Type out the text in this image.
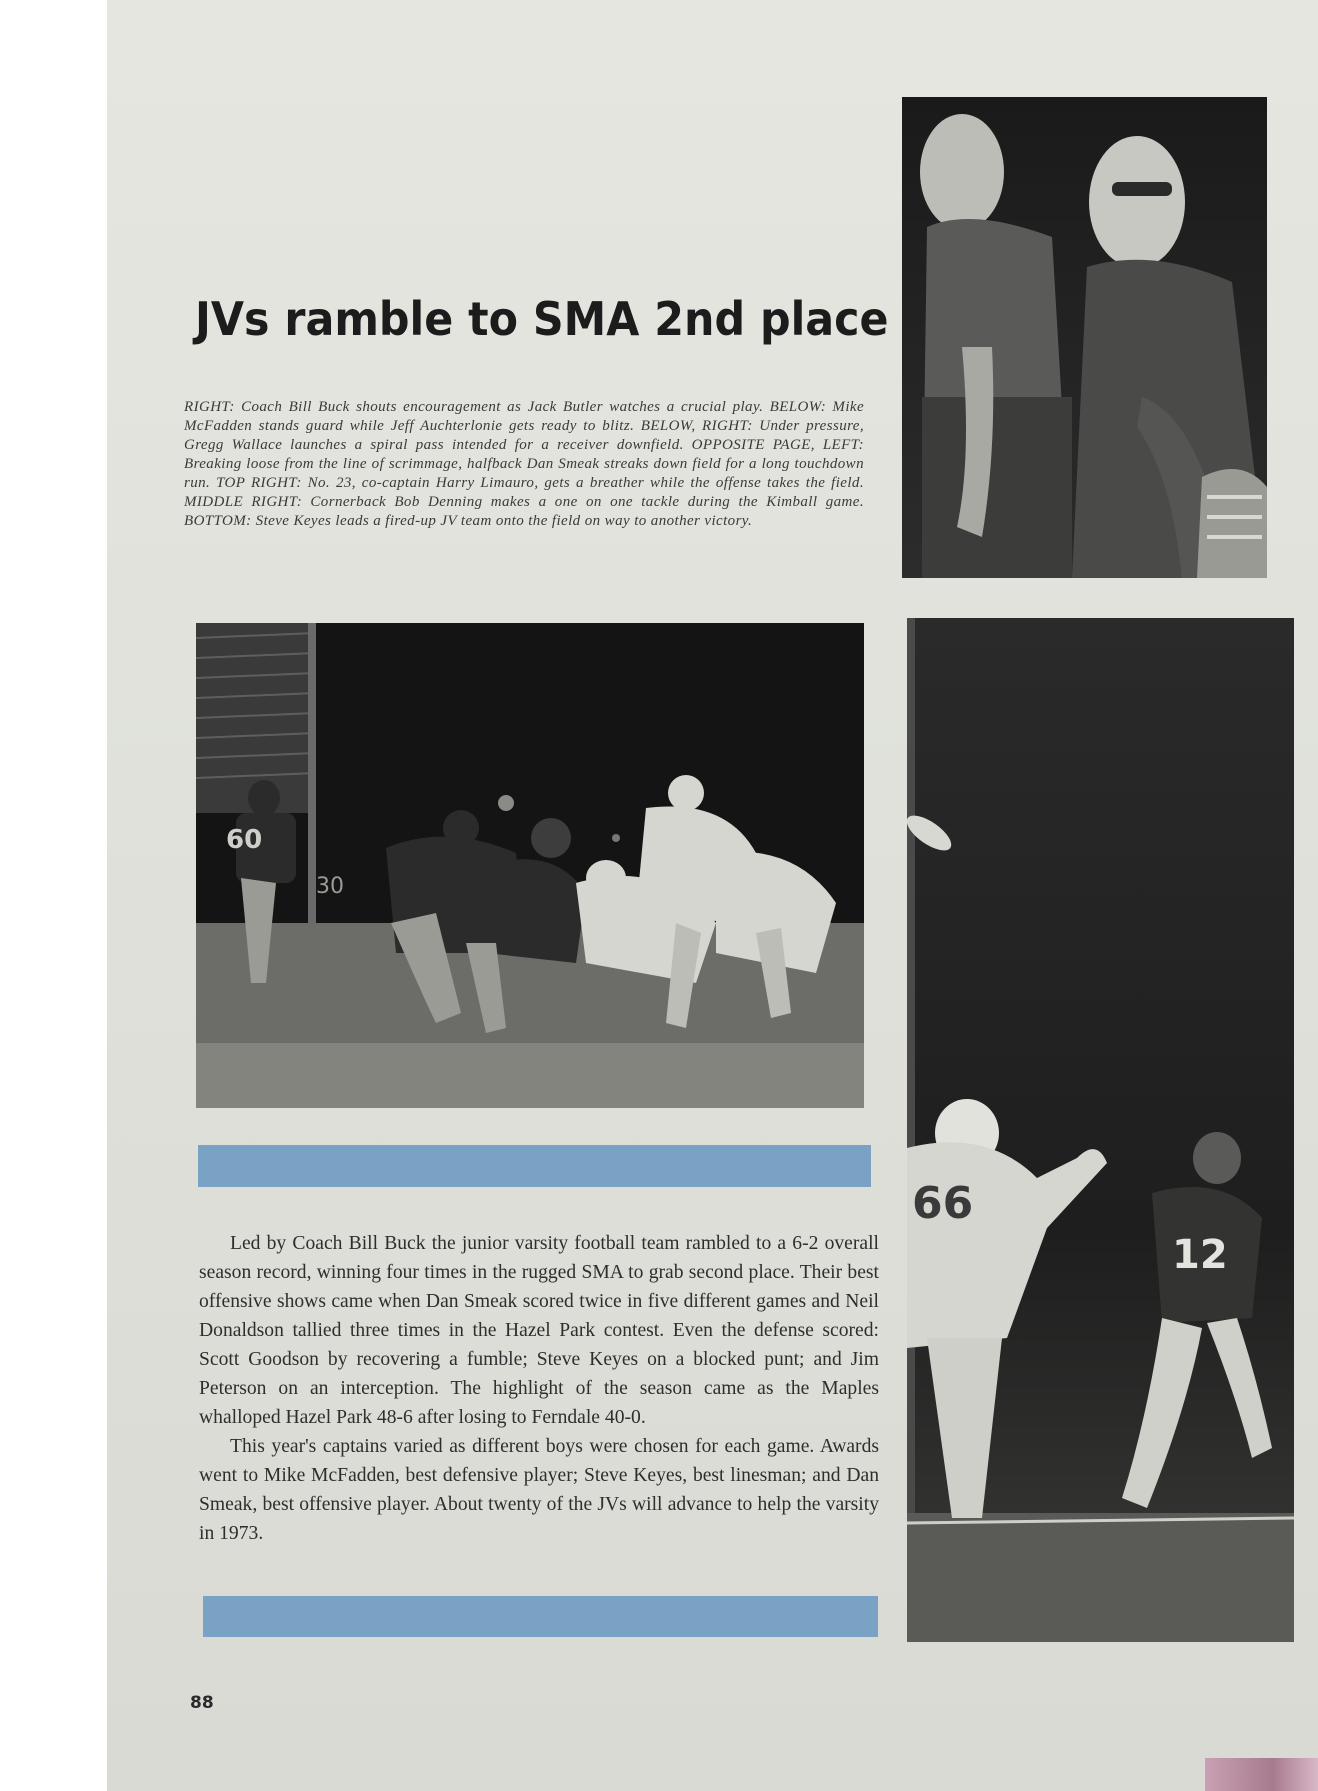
JVs ramble to SMA 2nd place

RIGHT: Coach Bill Buck shouts encouragement as Jack Butler watches a crucial play. BELOW: Mike McFadden stands guard while Jeff Auchterlonie gets ready to blitz. BELOW, RIGHT: Under pressure, Gregg Wallace launches a spiral pass intended for a receiver downfield. OPPOSITE PAGE, LEFT: Breaking loose from the line of scrimmage, halfback Dan Smeak streaks down field for a long touchdown run. TOP RIGHT: No. 23, co-captain Harry Limauro, gets a breather while the offense takes the field. MIDDLE RIGHT: Cornerback Bob Denning makes a one on one tackle during the Kimball game. BOTTOM: Steve Keyes leads a fired-up JV team onto the field on way to another victory.

30
60
66
12

Led by Coach Bill Buck the junior varsity football team rambled to a 6-2 overall season record, winning four times in the rugged SMA to grab second place. Their best offensive shows came when Dan Smeak scored twice in five different games and Neil Donaldson tallied three times in the Hazel Park contest. Even the defense scored: Scott Goodson by recovering a fumble; Steve Keyes on a blocked punt; and Jim Peterson on an interception. The highlight of the season came as the Maples whalloped Hazel Park 48-6 after losing to Ferndale 40-0.

This year's captains varied as different boys were chosen for each game. Awards went to Mike McFadden, best defensive player; Steve Keyes, best linesman; and Dan Smeak, best offensive player. About twenty of the JVs will advance to help the varsity in 1973.

88
